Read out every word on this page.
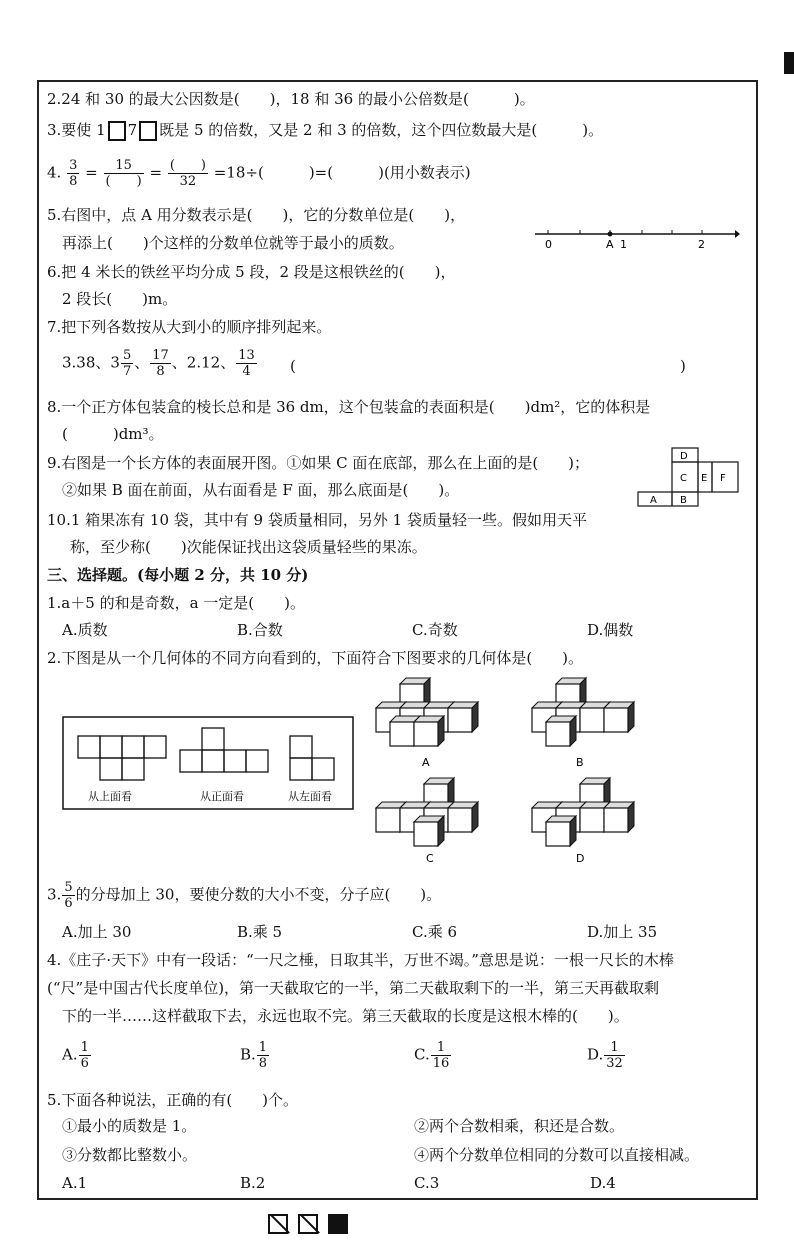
2.24 和 30 的最大公因数是(　　)，18 和 36 的最小公倍数是(　　　)。
3.要使 1 7 既是 5 的倍数，又是 2 和 3 的倍数，这个四位数最大是(　　　)。
4. $\frac{3}{8} = \frac{15}{( )} = \frac{( )}{32} =18\div$(　　　)=(　　　)(用小数表示)
5.右图中，点 A 用分数表示是(　　)，它的分数单位是(　　)，
再添上(　　)个这样的分数单位就等于最小的质数。	0	A 1	2
6.把 4 米长的铁丝平均分成 5 段，2 段是这根铁丝的(　　)，
2 段长(　　)m。
7.把下列各数按从大到小的顺序排列起来。
3.38、$3 \frac{5}{7}$ 、 $\frac{17}{8}$ 、2.12、 $\frac{13}{4}$ (	)
8.一个正方体包装盒的棱长总和是 36 dm，这个包装盒的表面积是(　　)dm²，它的体积是
(　　　)dm³。
9.右图是一个长方体的表面展开图。①如果 C 面在底部，那么在上面的是(　　)；
②如果 B 面在前面，从右面看是 F 面，那么底面是(　　)。
D
C E F
A B
10.1 箱果冻有 10 袋，其中有 9 袋质量相同，另外 1 袋质量轻一些。假如用天平
称，至少称(　　)次能保证找出这袋质量轻些的果冻。
三、选择题。(每小题 2 分，共 10 分)
1.a＋5 的和是奇数，a 一定是(　　)。
A.质数	B.合数	C.奇数	D.偶数
2.下图是从一个几何体的不同方向看到的，下面符合下图要求的几何体是(　　)。
从上面看	从正面看	从左面看
A	B
C	D
3. $\frac{5}{6}$ 的分母加上 30，要使分数的大小不变，分子应(　　)。
A.加上 30	B.乘 5	C.乘 6	D.加上 35
4.《庄子·天下》中有一段话：“一尺之棰，日取其半，万世不竭。”意思是说：一根一尺长的木棒
(“尺”是中国古代长度单位)，第一天截取它的一半，第二天截取剩下的一半，第三天再截取剩
下的一半……这样截取下去，永远也取不完。第三天截取的长度是这根木棒的(　　)。
A. $\frac{1}{6}$	B. $\frac{1}{8}$	C. $\frac{1}{16}$	D. $\frac{1}{32}$
5.下面各种说法，正确的有(　　)个。
①最小的质数是 1。	②两个合数相乘，积还是合数。
③分数都比整数小。	④两个分数单位相同的分数可以直接相减。
A.1	B.2	C.3	D.4
